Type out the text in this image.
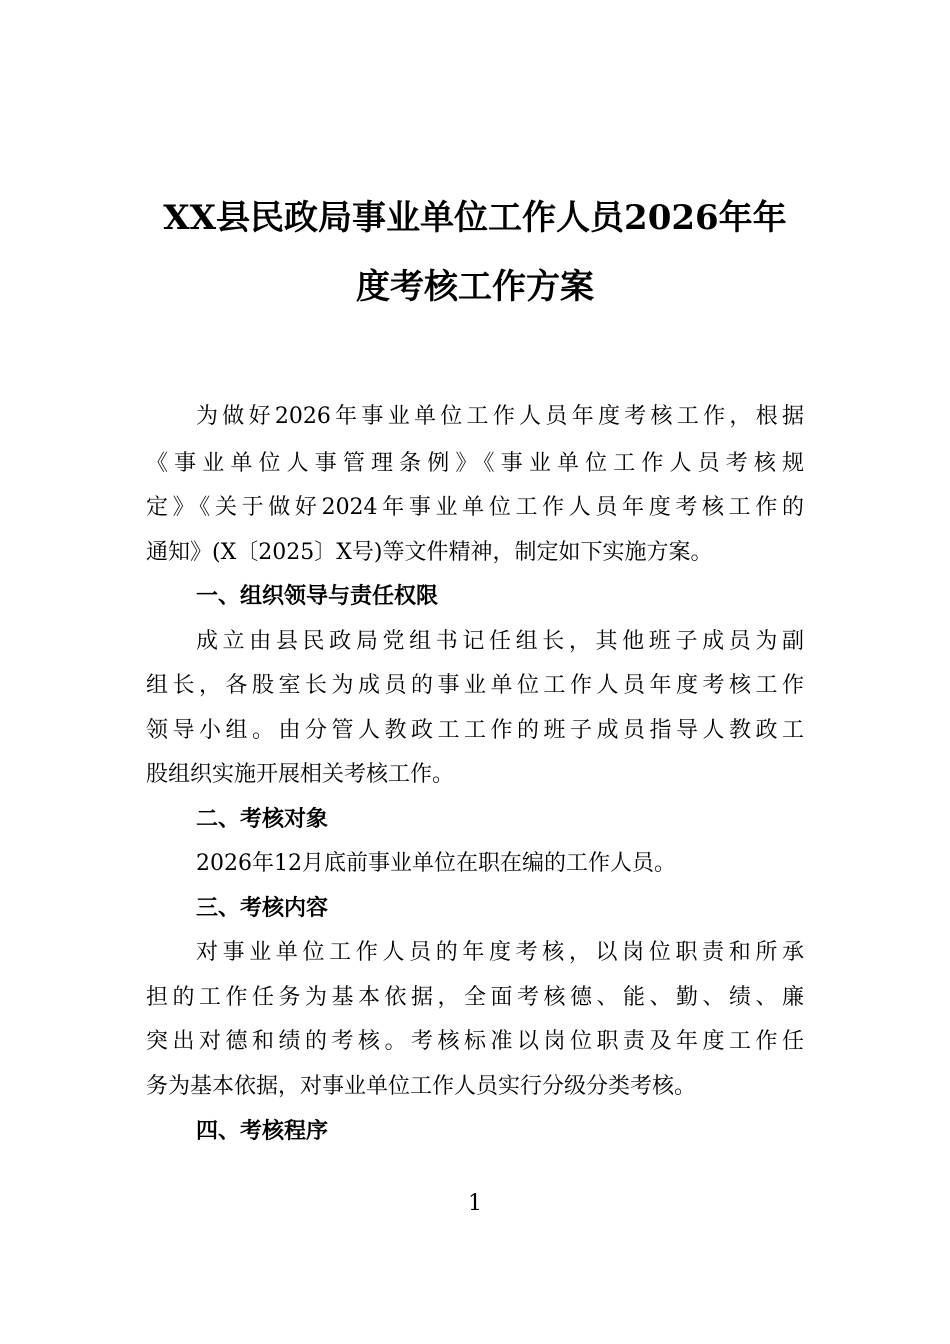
XX县民政局事业单位工作人员2026年年
度考核工作方案
为做好2026年事业单位工作人员年度考核工作，根据
《事业单位人事管理条例》《事业单位工作人员考核规
定》《关于做好2024年事业单位工作人员年度考核工作的
通知》(X〔2025〕X号)等文件精神，制定如下实施方案。
一、组织领导与责任权限
成立由县民政局党组书记任组长，其他班子成员为副
组长，各股室长为成员的事业单位工作人员年度考核工作
领导小组。由分管人教政工工作的班子成员指导人教政工
股组织实施开展相关考核工作。
二、考核对象
2026年12月底前事业单位在职在编的工作人员。
三、考核内容
对事业单位工作人员的年度考核，以岗位职责和所承
担的工作任务为基本依据，全面考核德、能、勤、绩、廉
突出对德和绩的考核。考核标准以岗位职责及年度工作任
务为基本依据，对事业单位工作人员实行分级分类考核。
四、考核程序
1
